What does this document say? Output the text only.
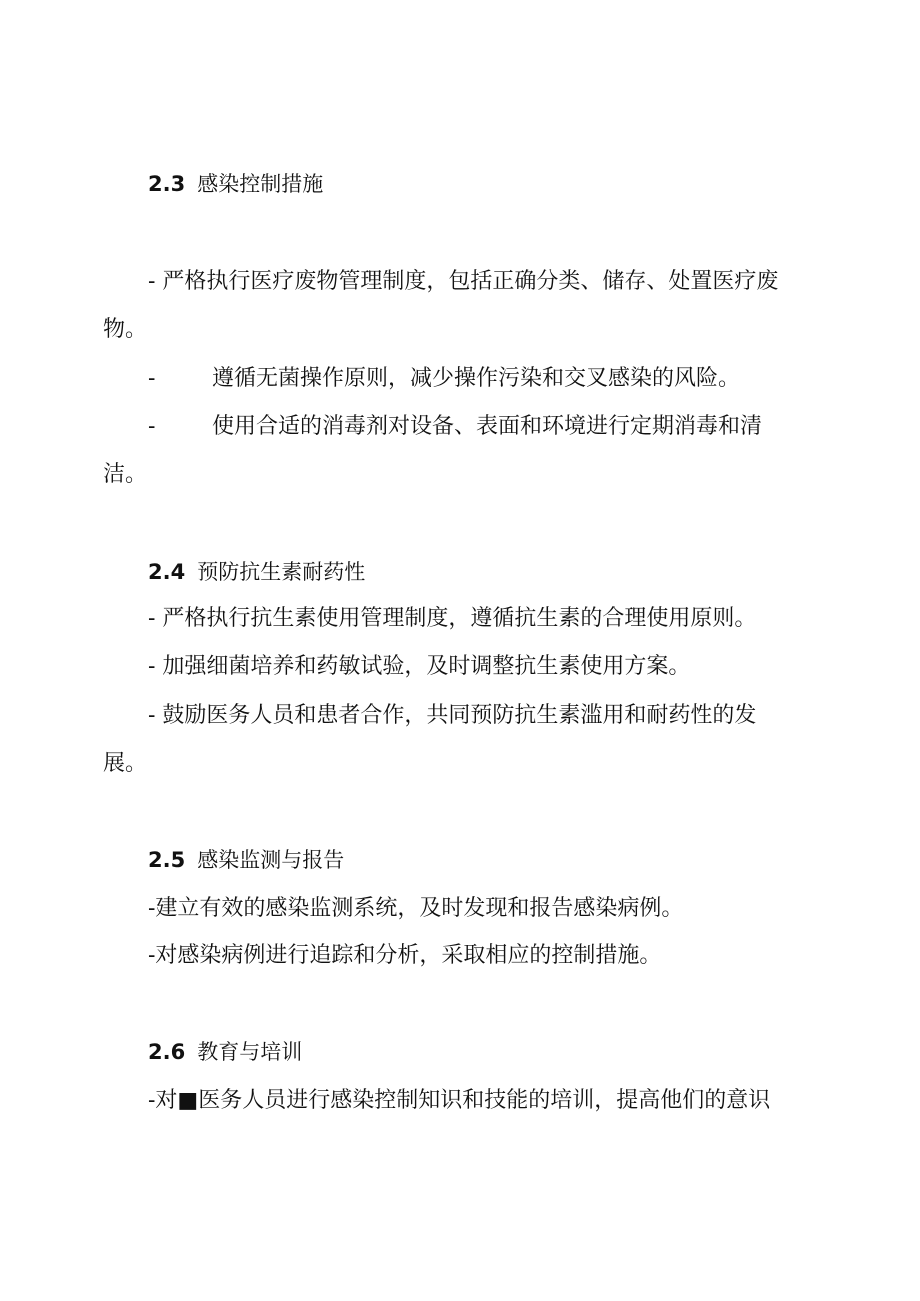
2.3 感染控制措施
- 严格执行医疗废物管理制度，包括正确分类、储存、处置医疗废
物。
-	遵循无菌操作原则，减少操作污染和交叉感染的风险。
-	使用合适的消毒剂对设备、表面和环境进行定期消毒和清
洁。
2.4 预防抗生素耐药性
- 严格执行抗生素使用管理制度，遵循抗生素的合理使用原则。
- 加强细菌培养和药敏试验，及时调整抗生素使用方案。
- 鼓励医务人员和患者合作，共同预防抗生素滥用和耐药性的发
展。
2.5 感染监测与报告
-建立有效的感染监测系统，及时发现和报告感染病例。
-对感染病例进行追踪和分析，采取相应的控制措施。
2.6 教育与培训
-对■医务人员进行感染控制知识和技能的培训，提高他们的意识
